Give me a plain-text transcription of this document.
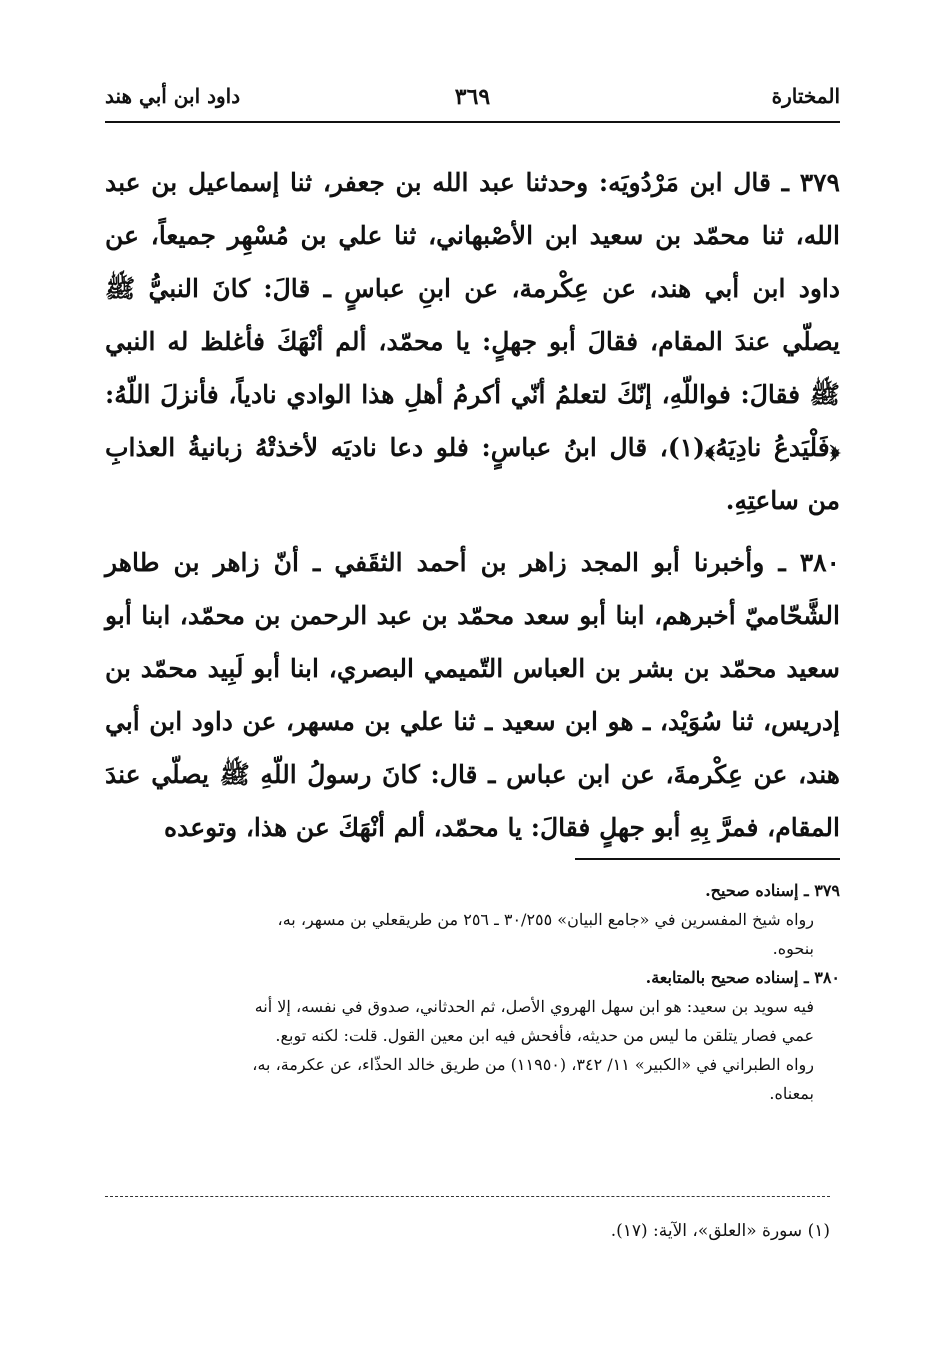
المختارة
٣٦٩
داود ابن أبي هند

٣٧٩ ـ قال ابن مَرْدُويَه: وحدثنا عبد الله بن جعفر، ثنا إسماعيل بن عبد الله، ثنا محمّد بن سعيد ابن الأصْبهاني، ثنا علي بن مُسْهِر جميعاً، عن داود ابن أبي هند، عن عِكْرمة، عن ابنِ عباسٍ ـ قالَ: كانَ النبيُّ ﷺ يصلّي عندَ المقام، فقالَ أبو جهلٍ: يا محمّد، ألم أنْهَكَ فأغلظ له النبي ﷺ فقالَ: فواللّهِ، إنّكَ لتعلمُ أنّي أكرمُ أهلِ هذا الوادي نادياً، فأنزلَ اللّهُ: ﴿فَلْيَدعُ نادِيَهُ﴾(١)، قال ابنُ عباسٍ: فلو دعا ناديَه لأخذتْهُ زبانيةُ العذابِ من ساعتِهِ.

٣٨٠ ـ وأخبرنا أبو المجد زاهر بن أحمد الثقَفي ـ أنّ زاهر بن طاهر الشَّحّاميّ أخبرهم، ابنا أبو سعد محمّد بن عبد الرحمن بن محمّد، ابنا أبو سعيد محمّد بن بشر بن العباس التّميمي البصري، ابنا أبو لَبِيد محمّد بن إدريس، ثنا سُوَيْد، ـ هو ابن سعيد ـ ثنا علي بن مسهر، عن داود ابن أبي هند، عن عِكْرمةَ، عن ابن عباس ـ قال: كانَ رسولُ اللّهِ ﷺ يصلّي عندَ المقام، فمرَّ بِهِ أبو جهلٍ فقالَ: يا محمّد، ألم أنْهَكَ عن هذا، وتوعده

٣٧٩ ـ إسناده صحيح.

رواه شيخ المفسرين في «جامع البيان» ٣٠/٢٥٥ ـ ٢٥٦ من طريقعلي بن مسهر، به،

بنحوه.

٣٨٠ ـ إسناده صحيح بالمتابعة.

فيه سويد بن سعيد: هو ابن سهل الهروي الأصل، ثم الحدثاني، صدوق في نفسه، إلا أنه

عمي فصار يتلقن ما ليس من حديثه، فأفحش فيه ابن معين القول. قلت: لكنه توبع.

رواه الطبراني في «الكبير» ١١/ ٣٤٢، (١١٩٥٠) من طريق خالد الحذّاء، عن عكرمة، به،

بمعناه.

(١) سورة «العلق»، الآية: (١٧).
